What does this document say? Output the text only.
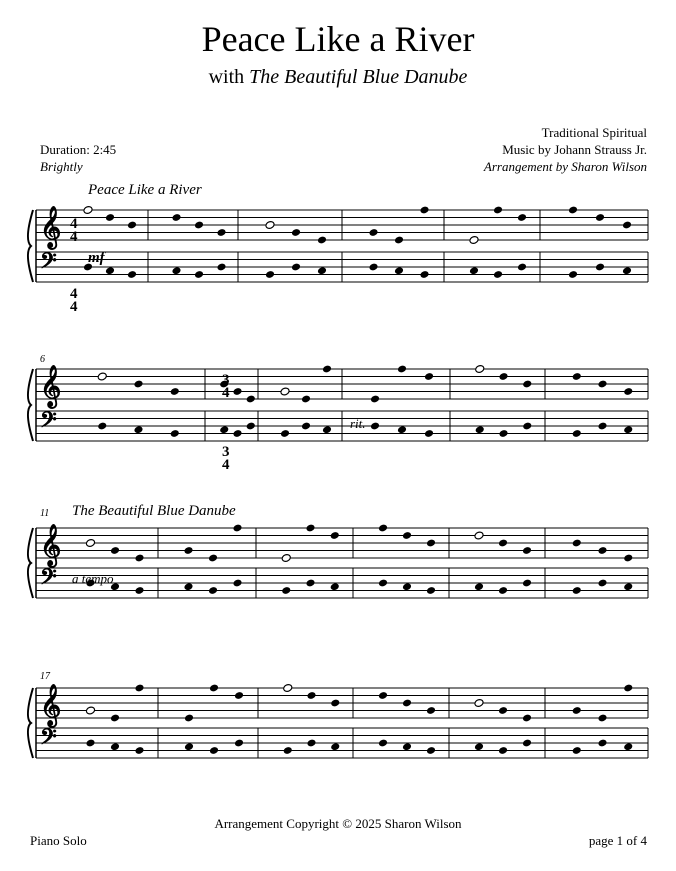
Peace Like a River
with The Beautiful Blue Danube
Traditional Spiritual
Music by Johann Strauss Jr.
Arrangement by Sharon Wilson
Duration: 2:45
Brightly
𝄞
𝄢
𝄞
𝄢
𝄞
𝄢
𝄞
𝄢
Peace Like a River
mf
4
4
4
4
6
rit.
3
4
3
4
11 The Beautiful Blue Danube
a tempo
17
Arrangement Copyright © 2025 Sharon Wilson
Piano Solo	page 1 of 4
